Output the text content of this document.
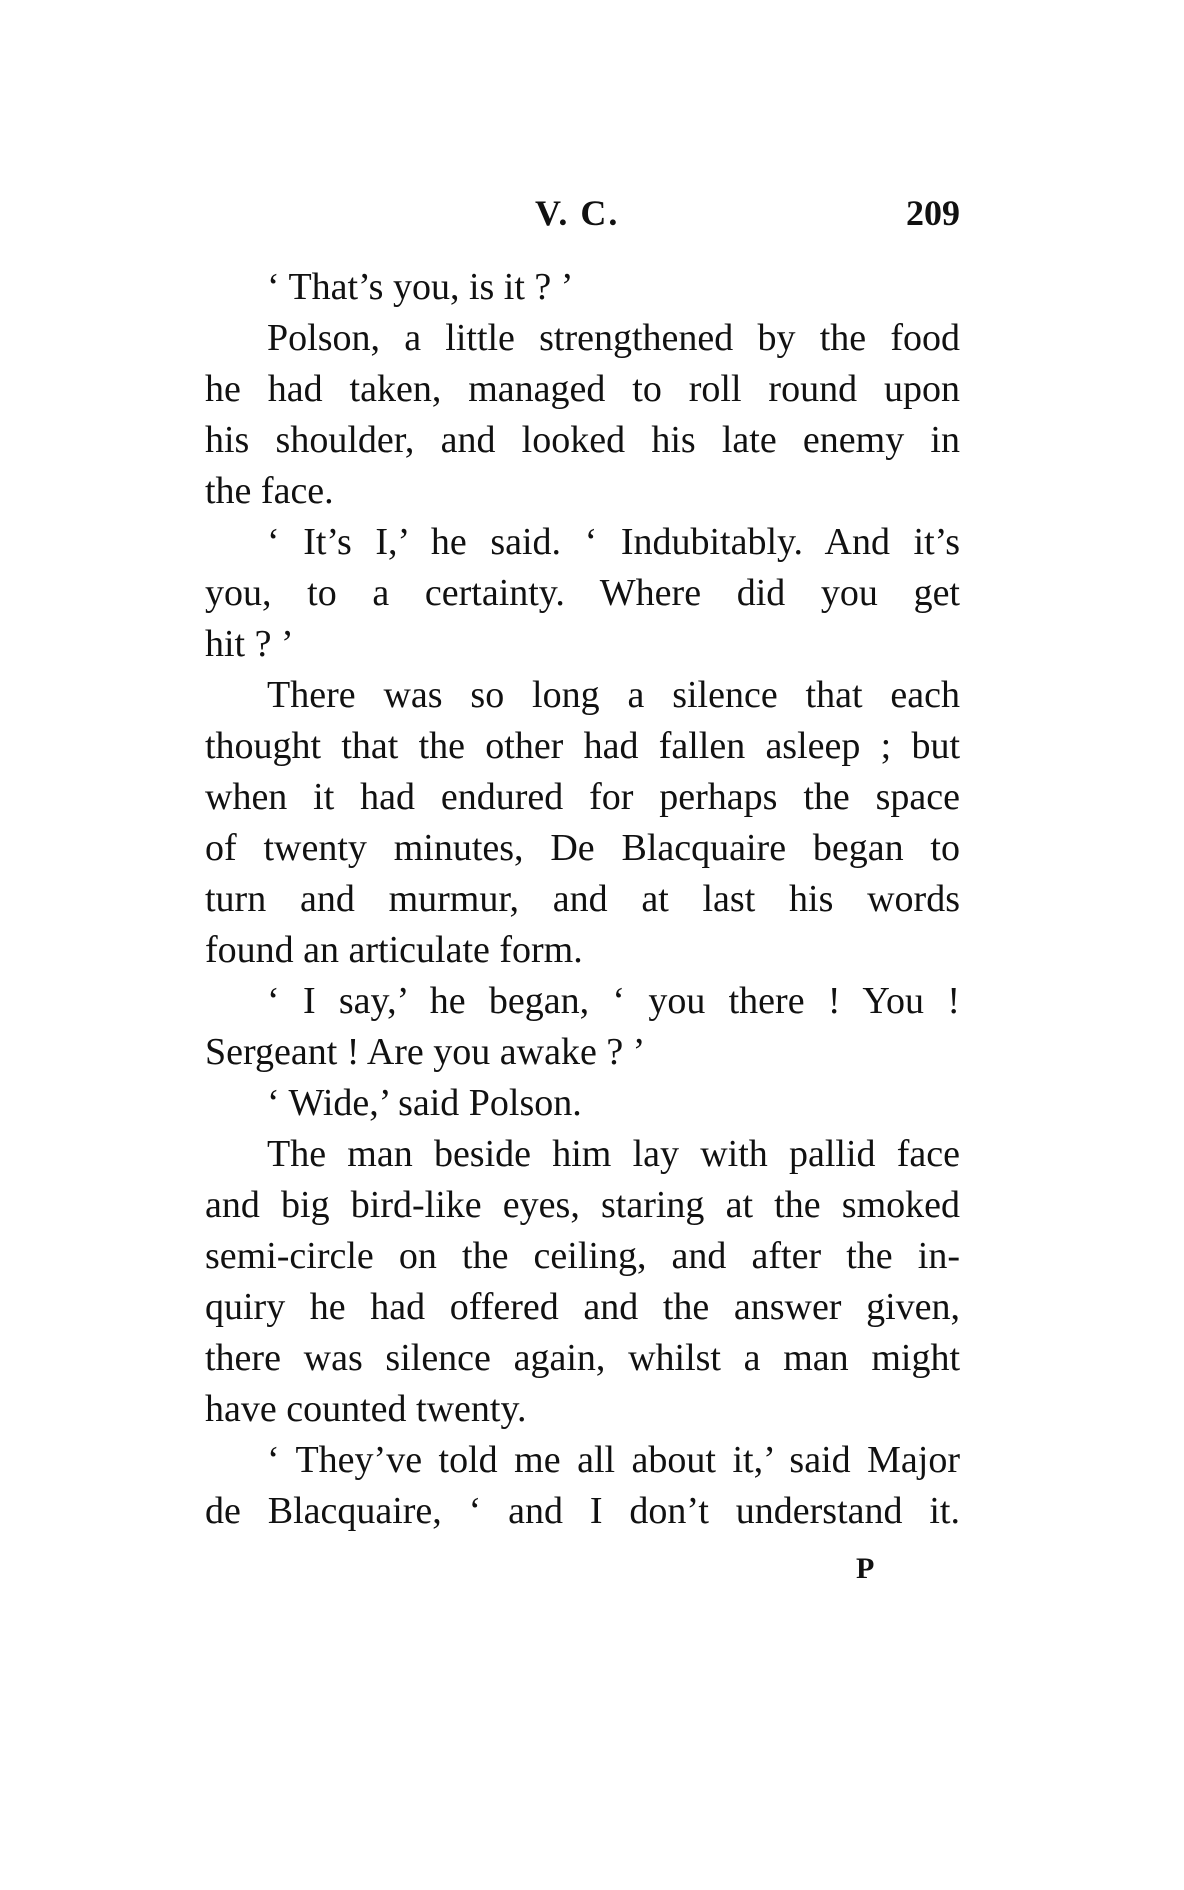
V. C.	209
‘ That’s you, is it ? ’
Polson, a little strengthened by the food
he had taken, managed to roll round upon
his shoulder, and looked his late enemy in
the face.
‘ It’s I,’ he said. ‘ Indubitably. And it’s
you, to a certainty. Where did you get
hit ? ’
There was so long a silence that each
thought that the other had fallen asleep ; but
when it had endured for perhaps the space
of twenty minutes, De Blacquaire began to
turn and murmur, and at last his words
found an articulate form.
‘ I say,’ he began, ‘ you there ! You !
Sergeant ! Are you awake ? ’
‘ Wide,’ said Polson.
The man beside him lay with pallid face
and big bird-like eyes, staring at the smoked
semi-circle on the ceiling, and after the in-
quiry he had offered and the answer given,
there was silence again, whilst a man might
have counted twenty.
‘ They’ve told me all about it,’ said Major
de Blacquaire, ‘ and I don’t understand it.
P
